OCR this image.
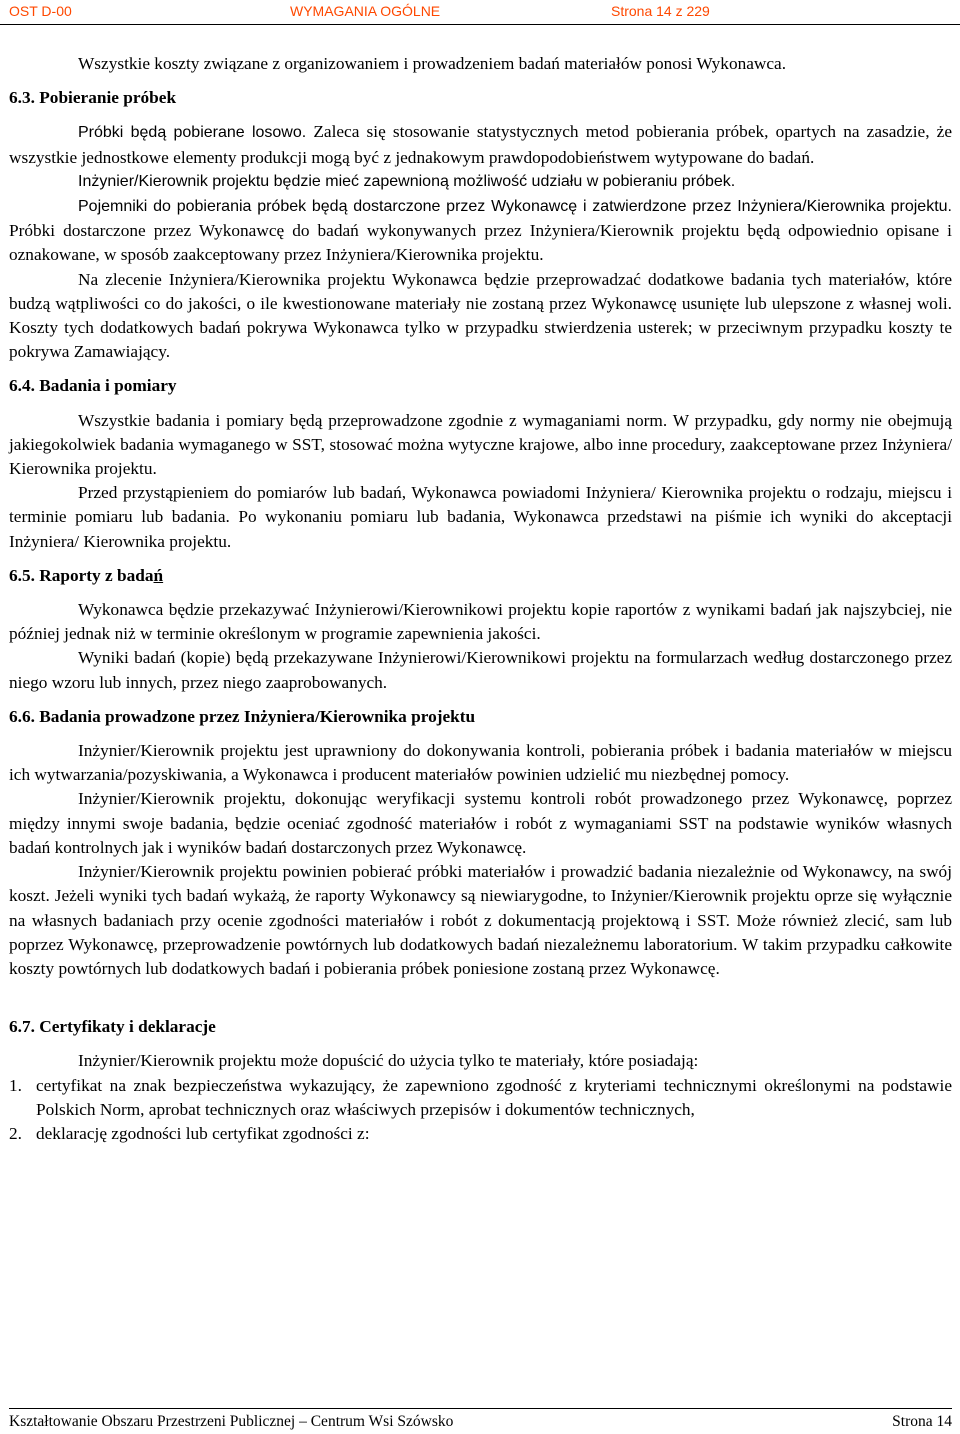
OST D-00	WYMAGANIA OGÓLNE	Strona 14 z 229

Wszystkie koszty związane z organizowaniem i prowadzeniem badań materiałów ponosi Wykonawca.

6.3. Pobieranie próbek

Próbki będą pobierane losowo. Zaleca się stosowanie statystycznych metod pobierania próbek, opartych na zasadzie, że wszystkie jednostkowe elementy produkcji mogą być z jednakowym prawdopodobieństwem wytypowane do badań.

Inżynier/Kierownik projektu będzie mieć zapewnioną możliwość udziału w pobieraniu próbek.

Pojemniki do pobierania próbek będą dostarczone przez Wykonawcę i zatwierdzone przez Inżyniera/Kierownika projektu. Próbki dostarczone przez Wykonawcę do badań wykonywanych przez Inżyniera/Kierownik projektu będą odpowiednio opisane i oznakowane, w sposób zaakceptowany przez Inżyniera/Kierownika projektu.

Na zlecenie Inżyniera/Kierownika projektu Wykonawca będzie przeprowadzać dodatkowe badania tych materiałów, które budzą wątpliwości co do jakości, o ile kwestionowane materiały nie zostaną przez Wykonawcę usunięte lub ulepszone z własnej woli. Koszty tych dodatkowych badań pokrywa Wykonawca tylko w przypadku stwierdzenia usterek; w przeciwnym przypadku koszty te pokrywa Zamawiający.

6.4. Badania i pomiary

Wszystkie badania i pomiary będą przeprowadzone zgodnie z wymaganiami norm. W przypadku, gdy normy nie obejmują jakiegokolwiek badania wymaganego w SST, stosować można wytyczne krajowe, albo inne procedury, zaakceptowane przez Inżyniera/ Kierownika projektu.

Przed przystąpieniem do pomiarów lub badań, Wykonawca powiadomi Inżyniera/ Kierownika projektu o rodzaju, miejscu i terminie pomiaru lub badania. Po wykonaniu pomiaru lub badania, Wykonawca przedstawi na piśmie ich wyniki do akceptacji Inżyniera/ Kierownika projektu.

6.5. Raporty z badań

Wykonawca będzie przekazywać Inżynierowi/Kierownikowi projektu kopie raportów z wynikami badań jak najszybciej, nie później jednak niż w terminie określonym w programie zapewnienia jakości.

Wyniki badań (kopie) będą przekazywane Inżynierowi/Kierownikowi projektu na formularzach według dostarczonego przez niego wzoru lub innych, przez niego zaaprobowanych.

6.6. Badania prowadzone przez Inżyniera/Kierownika projektu

Inżynier/Kierownik projektu jest uprawniony do dokonywania kontroli, pobierania próbek i badania materiałów w miejscu ich wytwarzania/pozyskiwania, a Wykonawca i producent materiałów powinien udzielić mu niezbędnej pomocy.

Inżynier/Kierownik projektu, dokonując weryfikacji systemu kontroli robót prowadzonego przez Wykonawcę, poprzez między innymi swoje badania, będzie oceniać zgodność materiałów i robót z wymaganiami SST na podstawie wyników własnych badań kontrolnych jak i wyników badań dostarczonych przez Wykonawcę.

Inżynier/Kierownik projektu powinien pobierać próbki materiałów i prowadzić badania niezależnie od Wykonawcy, na swój koszt. Jeżeli wyniki tych badań wykażą, że raporty Wykonawcy są niewiarygodne, to Inżynier/Kierownik projektu oprze się wyłącznie na własnych badaniach przy ocenie zgodności materiałów i robót z dokumentacją projektową i SST. Może również zlecić, sam lub poprzez Wykonawcę, przeprowadzenie powtórnych lub dodatkowych badań niezależnemu laboratorium. W takim przypadku całkowite koszty powtórnych lub dodatkowych badań i pobierania próbek poniesione zostaną przez Wykonawcę.

6.7. Certyfikaty i deklaracje

Inżynier/Kierownik projektu może dopuścić do użycia tylko te materiały, które posiadają:

1. certyfikat na znak bezpieczeństwa wykazujący, że zapewniono zgodność z kryteriami technicznymi określonymi na podstawie Polskich Norm, aprobat technicznych oraz właściwych przepisów i dokumentów technicznych,
2. deklarację zgodności lub certyfikat zgodności z:
Kształtowanie Obszaru Przestrzeni Publicznej – Centrum Wsi Szówsko	Strona 14
